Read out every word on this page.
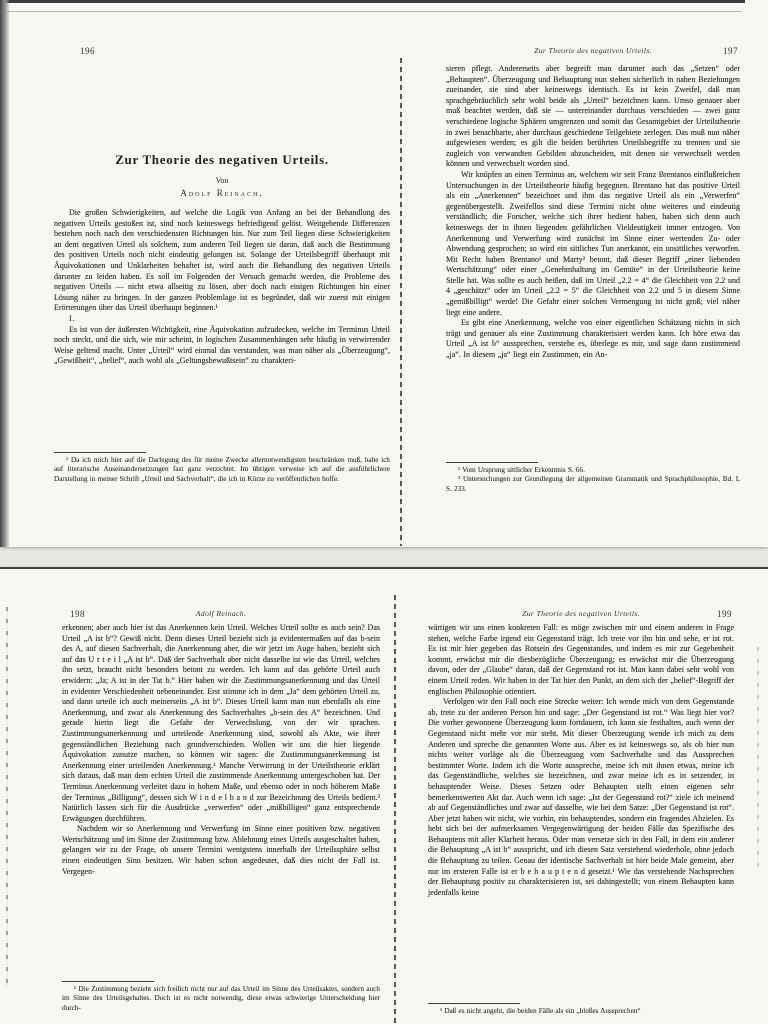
196
Zur Theorie des negativen Urteils.
Von
Adolf Reinach.

Die großen Schwierigkeiten, auf welche die Logik von Anfang an bei der Behandlung des negativen Urteils gestoßen ist, sind noch keineswegs befriedigend gelöst. Weitgehende Differenzen bestehen noch nach den verschiedensten Richtungen hin. Nur zum Teil liegen diese Schwierigkeiten an dem negativen Urteil als solchem, zum anderen Teil liegen sie daran, daß auch die Bestimmung des positiven Urteils noch nicht eindeutig gelungen ist. Solange der Urteilsbegriff überhaupt mit Äquivokationen und Unklarheiten behaftet ist, wird auch die Behandlung des negativen Urteils darunter zu leiden haben. Es soll im Folgenden der Versuch gemacht werden, die Probleme des negativen Urteils — nicht etwa allseitig zu lösen, aber doch nach einigen Richtungen hin einer Lösung näher zu bringen. In der ganzen Problemlage ist es begründet, daß wir zuerst mit einigen Erörterungen über das Urteil überhaupt beginnen.¹

I.

Es ist von der äußersten Wichtigkeit, eine Äquivokation aufzudecken, welche im Terminus Urteil noch steckt, und die sich, wie mir scheint, in logischen Zusammenhängen sehr häufig in verwirrender Weise geltend macht. Unter „Urteil“ wird einmal das verstanden, was man näher als „Überzeugung“, „Gewißheit“, „belief“, auch wohl als „Geltungsbewußtsein“ zu charakteri-

¹ Da ich mich hier auf die Darlegung des für meine Zwecke allernotwendigsten beschränken muß, habe ich auf literarische Auseinandersetzungen fast ganz verzichtet. Im übrigen verweise ich auf die ausführlichere Darstellung in meiner Schrift „Urteil und Sachverhalt“, die ich in Kürze zu veröffentlichen hoffe.

Zur Theorie des negativen Urteils.	197

sieren pflegt. Andererseits aber begreift man darunter auch das „Setzen“ oder „Behaupten“. Überzeugung und Behauptung nun stehen sicherlich in nahen Beziehungen zueinander, sie sind aber keineswegs identisch. Es ist kein Zweifel, daß man sprachgebräuchlich sehr wohl beide als „Urteil“ bezeichnen kann. Umso genauer aber muß beachtet werden, daß sie — untereinander durchaus verschieden — zwei ganz verschiedene logische Sphären umgrenzen und somit das Gesamtgebiet der Urteilstheorie in zwei benachbarte, aber durchaus geschiedene Teilgebiete zerlegen. Das muß nun näher aufgewiesen werden; es gilt die beiden berührten Urteilsbegriffe zu trennen und sie zugleich von verwandten Gebilden abzuscheiden, mit denen sie verwechselt werden können und verwechselt worden sind.

Wir knüpfen an einen Terminus an, welchem wir seit Franz Brentanos einflußreichen Untersuchungen in der Urteilstheorie häufig begegnen. Brentano hat das positive Urteil als ein „Anerkennen“ bezeichnet und ihm das negative Urteil als ein „Verwerfen“ gegenübergestellt. Zweifellos sind diese Termini nicht ohne weiteres und eindeutig verständlich; die Forscher, welche sich ihrer bedient haben, haben sich denn auch keineswegs der in ihnen liegenden gefährlichen Vieldeutigkeit immer entzogen. Von Anerkennung und Verwerfung wird zunächst im Sinne einer wertenden Zu- oder Abwendung gesprochen; so wird ein sittliches Tun anerkannt, ein unsittliches verworfen. Mit Recht haben Brentano¹ und Marty² betont, daß dieser Begriff „einer liebenden Wertschätzung“ oder einer „Genehmhaltung im Gemüte“ in der Urteilstheorie keine Stelle hat. Was sollte es auch heißen, daß im Urteil „2.2 = 4“ die Gleichheit von 2.2 und 4 „geschätzt“ oder im Urteil „2.2 = 5“ die Gleichheit von 2.2 und 5 in diesem Sinne „gemißbilligt“ werde! Die Gefahr einer solchen Vermengung ist nicht groß; viel näher liegt eine andere.

Es gibt eine Anerkennung, welche von einer eigentlichen Schätzung nichts in sich trägt und genauer als eine Zustimmung charakterisiert werden kann. Ich höre etwa das Urteil „A ist b“ aussprechen, verstehe es, überlege es mir, und sage dann zustimmend „ja“. In diesem „ja“ liegt ein Zustimmen, ein An-

¹ Vom Ursprung sittlicher Erkenntnis S. 66.

² Untersuchungen zur Grundlegung der allgemeinen Grammatik und Sprachphilosophie, Bd. I, S. 233.

198	Adolf Reinach.

erkennen; aber auch hier ist das Anerkennen kein Urteil. Welches Urteil sollte es auch sein? Das Urteil „A ist b“? Gewiß nicht. Denn dieses Urteil bezieht sich ja evidentermaßen auf das b-sein des A, auf diesen Sachverhalt, die Anerkennung aber, die wir jetzt im Auge haben, bezieht sich auf das U r t e i l „A ist b“. Daß der Sachverhalt aber nicht dasselbe ist wie das Urteil, welches ihn setzt, braucht nicht besonders betont zu werden. Ich kann auf das gehörte Urteil auch erwidern: „Ja; A ist in der Tat b.“ Hier haben wir die Zustimmungsanerkennung und das Urteil in evidenter Verschiedenheit nebeneinander. Erst stimme ich in dem „Ja“ dem gehörten Urteil zu, und dann urteile ich auch meinerseits „A ist b“. Dieses Urteil kann man nun ebenfalls als eine Anerkennung, und zwar als Anerkennung des Sachverhaltes „b-sein des A“ bezeichnen. Und gerade hierin liegt die Gefahr der Verwechslung, von der wir sprachen. Zustimmungsanerkennung und urteilende Anerkennung sind, sowohl als Akte, wie ihrer gegenständlichen Beziehung nach grundverschieden. Wollen wir uns die hier liegende Äquivokation zunutze machen, so können wir sagen: die Zustimmungsanerkennung ist Anerkennung einer urteilenden Anerkennung.¹ Manche Verwirrung in der Urteilstheorie erklärt sich daraus, daß man dem echten Urteil die zustimmende Anerkennung untergeschoben hat. Der Terminus Anerkennung verleitet dazu in hohem Maße, und ebenso oder in noch höherem Maße der Terminus „Billigung“, dessen sich W i n d e l b a n d zur Bezeichnung des Urteils bedient.² Natürlich lassen sich für die Ausdrücke „verwerfen“ oder „mißbilligen“ ganz entsprechende Erwägungen durchführen.

Nachdem wir so Anerkennung und Verwerfung im Sinne einer positiven bzw. negativen Wertschätzung und im Sinne der Zustimmung bzw. Ablehnung eines Urteils ausgeschaltet haben, gelangen wir zu der Frage, ob unsere Termini wenigstens innerhalb der Urteilssphäre selbst einen eindeutigen Sinn besitzen. Wir haben schon angedeutet, daß dies nicht der Fall ist. Vergegen-

¹ Die Zustimmung bezieht sich freilich nicht nur auf das Urteil im Sinne des Urteilsaktes, sondern auch im Sinne des Urteilsgehaltes. Doch ist es nicht notwendig, diese etwas schwierige Unterscheidung hier durch-

Zur Theorie des negativen Urteils.	199

wärtigen wir uns einen konkreten Fall: es möge zwischen mir und einem anderen in Frage stehen, welche Farbe irgend ein Gegenstand trägt. Ich trete vor ihn hin und sehe, er ist rot. Es ist mir hier gegeben das Rotsein des Gegenstandes, und indem es mir zur Gegebenheit kommt, erwächst mir die diesbezügliche Überzeugung; es erwächst mir die Überzeugung davon, oder der „Glaube“ daran, daß der Gegenstand rot ist. Man kann dabei sehr wohl von einem Urteil reden. Wir haben in der Tat hier den Punkt, an dem sich der „belief“-Begriff der englischen Philosophie orientiert.

Verfolgen wir den Fall noch eine Strecke weiter: Ich wende mich von dem Gegenstande ab, trete zu der anderen Person hin und sage: „Der Gegenstand ist rot.“ Was liegt hier vor? Die vorher gewonnene Überzeugung kann fortdauern, ich kann sie festhalten, auch wenn der Gegenstand nicht mehr vor mir steht. Mit dieser Überzeugung wende ich mich zu dem Anderen und spreche die genannten Worte aus. Aber es ist keineswegs so, als ob hier nun nichts weiter vorläge als die Überzeugung vom Sachverhalte und das Aussprechen bestimmter Worte. Indem ich die Worte ausspreche, meine ich mit ihnen etwas, meine ich das Gegenständliche, welches sie bezeichnen, und zwar meine ich es in setzender, in behauptender Weise. Dieses Setzen oder Behaupten stellt einen eigenen sehr bemerkenswerten Akt dar. Auch wenn ich sage: „Ist der Gegenstand rot?“ ziele ich meinend ab auf Gegenständliches und zwar auf dasselbe, wie bei dem Satze: „Der Gegenstand ist rot“. Aber jetzt haben wir nicht, wie vorhin, ein behauptendes, sondern ein fragendes Abzielen. Es hebt sich bei der aufmerksamen Vergegenwärtigung der beiden Fälle das Spezifische des Behauptens mit aller Klarheit heraus. Oder man versetze sich in den Fall, in dem ein anderer die Behauptung „A ist b“ ausspricht, und ich diesen Satz verstehend wiederhole, ohne jedoch die Behauptung zu teilen. Genau der identische Sachverhalt ist hier beide Male gemeint, aber nur im ersteren Falle ist er b e h a u p t e n d gesetzt.¹ Wie das verstehende Nachsprechen der Behauptung positiv zu charakterisieren ist, sei dahingestellt; von einem Behaupten kann jedenfalls keine

¹ Daß es nicht angeht, die beiden Fälle als ein „bloßes Aussprechen“
